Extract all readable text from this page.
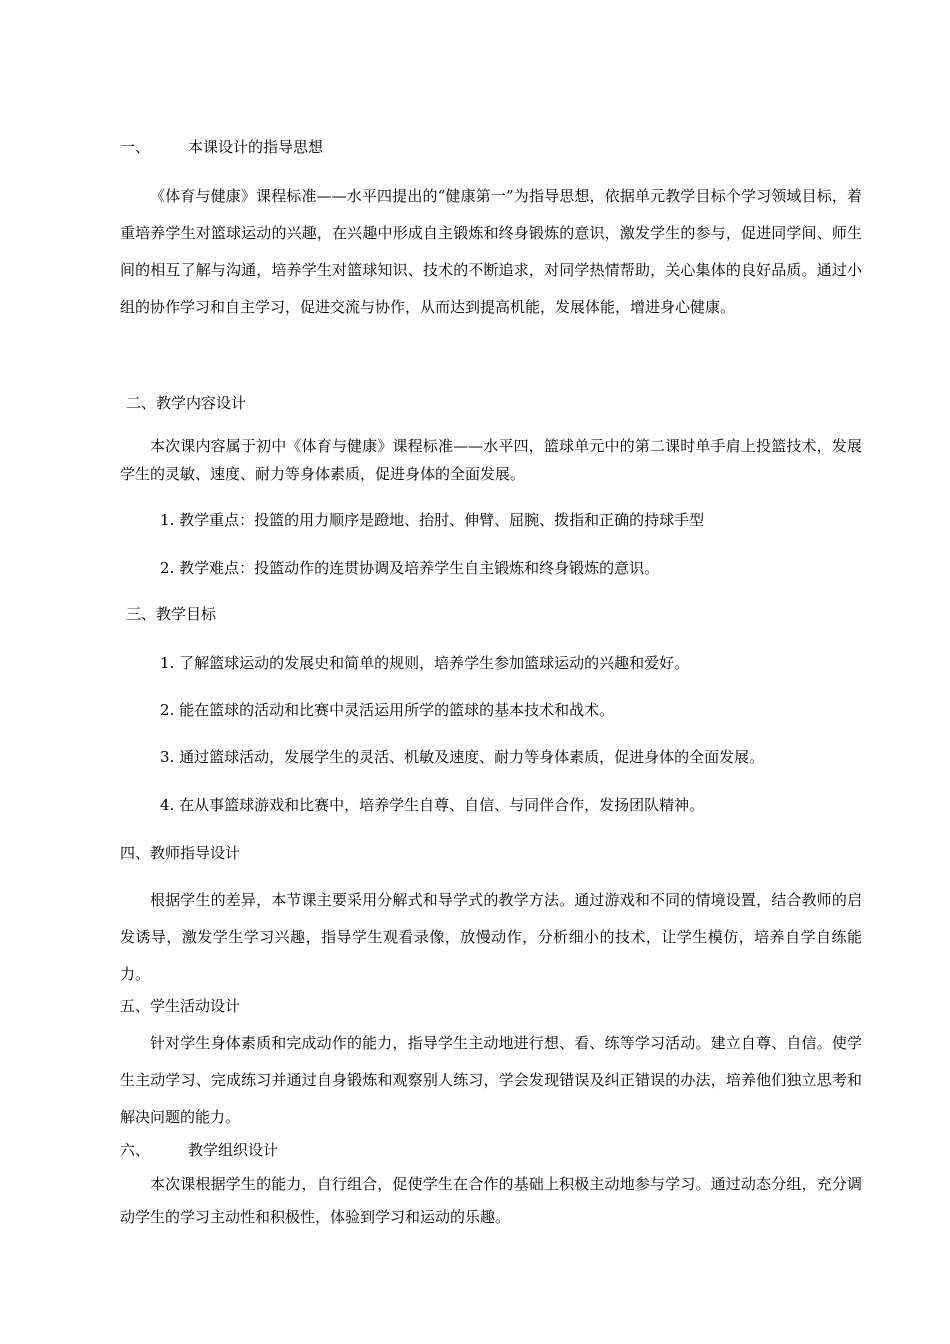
一、	本课设计的指导思想
《体育与健康》课程标准——水平四提出的“健康第一”为指导思想，依据单元教学目标个学习领域目标，着重培养学生对篮球运动的兴趣，在兴趣中形成自主锻炼和终身锻炼的意识，激发学生的参与，促进同学间、师生间的相互了解与沟通，培养学生对篮球知识、技术的不断追求，对同学热情帮助，关心集体的良好品质。通过小组的协作学习和自主学习，促进交流与协作，从而达到提高机能，发展体能，增进身心健康。
二、教学内容设计
本次课内容属于初中《体育与健康》课程标准——水平四，篮球单元中的第二课时单手肩上投篮技术，发展学生的灵敏、速度、耐力等身体素质，促进身体的全面发展。
1. 教学重点：投篮的用力顺序是蹬地、抬肘、伸臂、屈腕、拨指和正确的持球手型
2. 教学难点：投篮动作的连贯协调及培养学生自主锻炼和终身锻炼的意识。
三、教学目标
1. 了解篮球运动的发展史和简单的规则，培养学生参加篮球运动的兴趣和爱好。
2. 能在篮球的活动和比赛中灵活运用所学的篮球的基本技术和战术。
3. 通过篮球活动，发展学生的灵活、机敏及速度、耐力等身体素质，促进身体的全面发展。
4. 在从事篮球游戏和比赛中，培养学生自尊、自信、与同伴合作，发扬团队精神。
四、教师指导设计
根据学生的差异，本节课主要采用分解式和导学式的教学方法。通过游戏和不同的情境设置，结合教师的启发诱导，激发学生学习兴趣，指导学生观看录像，放慢动作，分析细小的技术，让学生模仿，培养自学自练能力。
五、学生活动设计
针对学生身体素质和完成动作的能力，指导学生主动地进行想、看、练等学习活动。建立自尊、自信。使学生主动学习、完成练习并通过自身锻炼和观察别人练习，学会发现错误及纠正错误的办法，培养他们独立思考和解决问题的能力。
六、	教学组织设计
本次课根据学生的能力，自行组合，促使学生在合作的基础上积极主动地参与学习。通过动态分组，充分调动学生的学习主动性和积极性，体验到学习和运动的乐趣。
